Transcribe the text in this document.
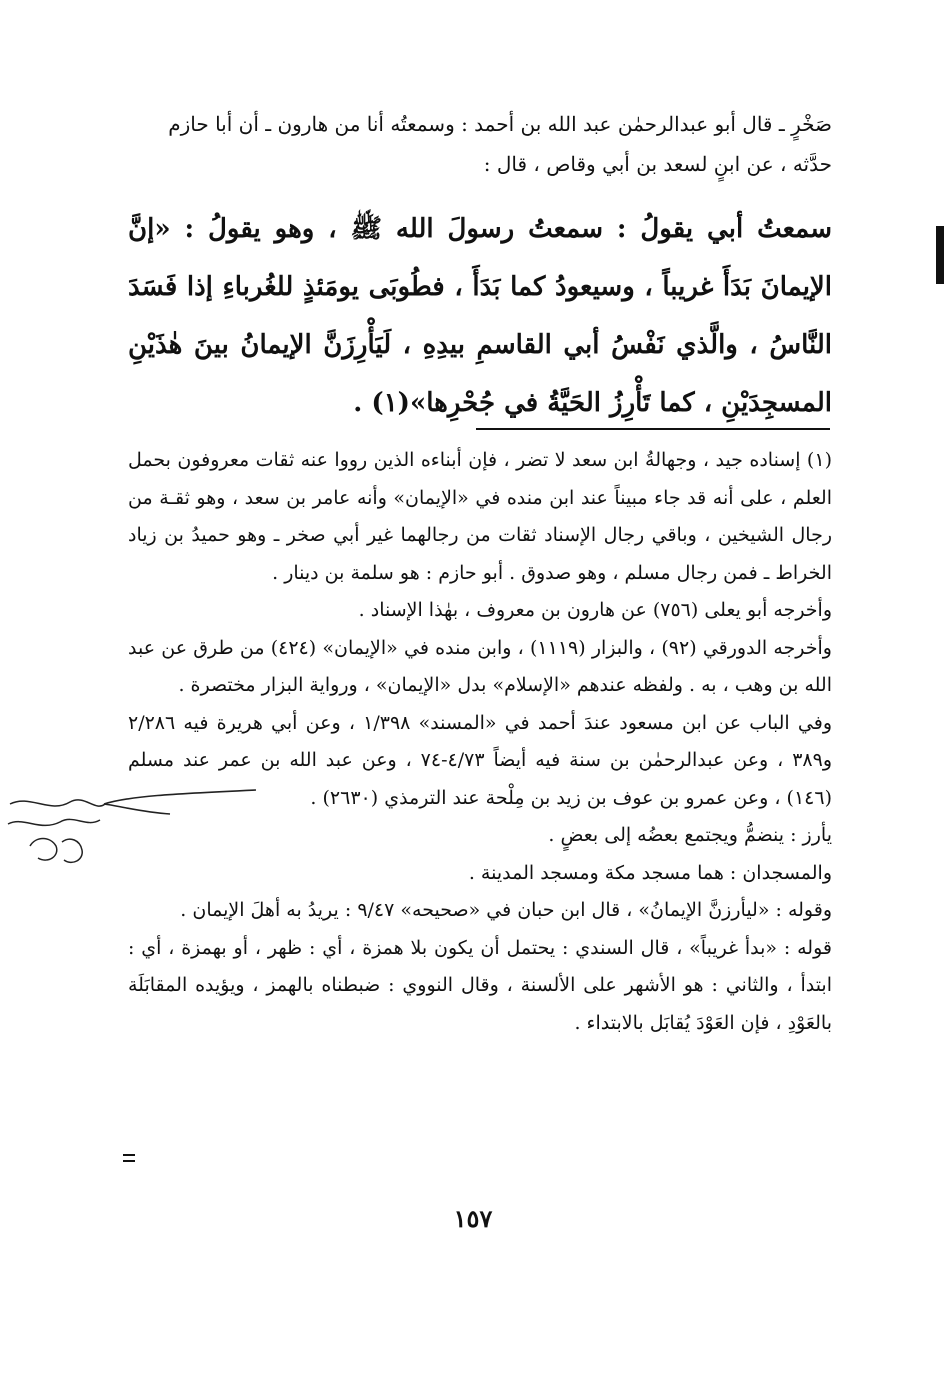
صَخْرٍ ـ قال أبو عبدالرحمٰن عبد الله بن أحمد : وسمعتُه أنا من هارون ـ أن أبا حازم
حدَّثه ، عن ابنٍ لسعد بن أبي وقاص ، قال :
سمعتُ أبي يقولُ : سمعتُ رسولَ الله ﷺ ، وهو يقولُ : «إنَّ الإيمانَ بَدَأَ غريباً ، وسيعودُ كما بَدَأَ ، فطُوبَى يومَئذٍ للغُرباءِ إذا فَسَدَ النَّاسُ ، والَّذي نَفْسُ أبي القاسمِ بيدِهِ ، لَيَأْرِزَنَّ الإيمانُ بينَ هٰذَيْنِ المسجِدَيْنِ ، كما تَأْرِزُ الحَيَّةُ في جُحْرِها»(١) .

(١) إسناده جيد ، وجهالةُ ابن سعد لا تضر ، فإن أبناءه الذين رووا عنه ثقات معروفون بحمل العلم ، على أنه قد جاء مبيناً عند ابن منده في «الإيمان» وأنه عامر بن سعد ، وهو ثقـة من رجال الشيخين ، وباقي رجال الإسناد ثقات من رجالهما غير أبي صخر ـ وهو حميدُ بن زياد الخراط ـ فمن رجال مسلم ، وهو صدوق . أبو حازم : هو سلمة بن دينار .

وأخرجه أبو يعلى (٧٥٦) عن هارون بن معروف ، بهٰذا الإسناد .

وأخرجه الدورقي (٩٢) ، والبزار (١١١٩) ، وابن منده في «الإيمان» (٤٢٤) من طرق عن عبد الله بن وهب ، به . ولفظه عندهم «الإسلام» بدل «الإيمان» ، ورواية البزار مختصرة .

وفي الباب عن ابن مسعود عندَ أحمد في «المسند» ١/٣٩٨ ، وعن أبي هريرة فيه ٢/٢٨٦ و٣٨٩ ، وعن عبدالرحمٰن بن سنة فيه أيضاً ٤/٧٣-٧٤ ، وعن عبد الله بن عمر عند مسلم (١٤٦) ، وعن عمرو بن عوف بن زيد بن مِلْحة عند الترمذي (٢٦٣٠) .

يأرز : ينضمُّ ويجتمع بعضُه إلى بعضٍ .

والمسجدان : هما مسجد مكة ومسجد المدينة .

وقوله : «ليأرزنَّ الإيمانُ» ، قال ابن حبان في «صحيحه» ٩/٤٧ : يريدُ به أهلَ الإيمان .

قوله : «بدأ غريباً» ، قال السندي : يحتمل أن يكون بلا همزة ، أي : ظهر ، أو بهمزة ، أي : ابتدأ ، والثاني : هو الأشهر على الألسنة ، وقال النووي : ضبطناه بالهمز ، ويؤيده المقابَلَة بالعَوْدِ ، فإن العَوْدَ يُقابَل بالابتداء .

١٥٧
